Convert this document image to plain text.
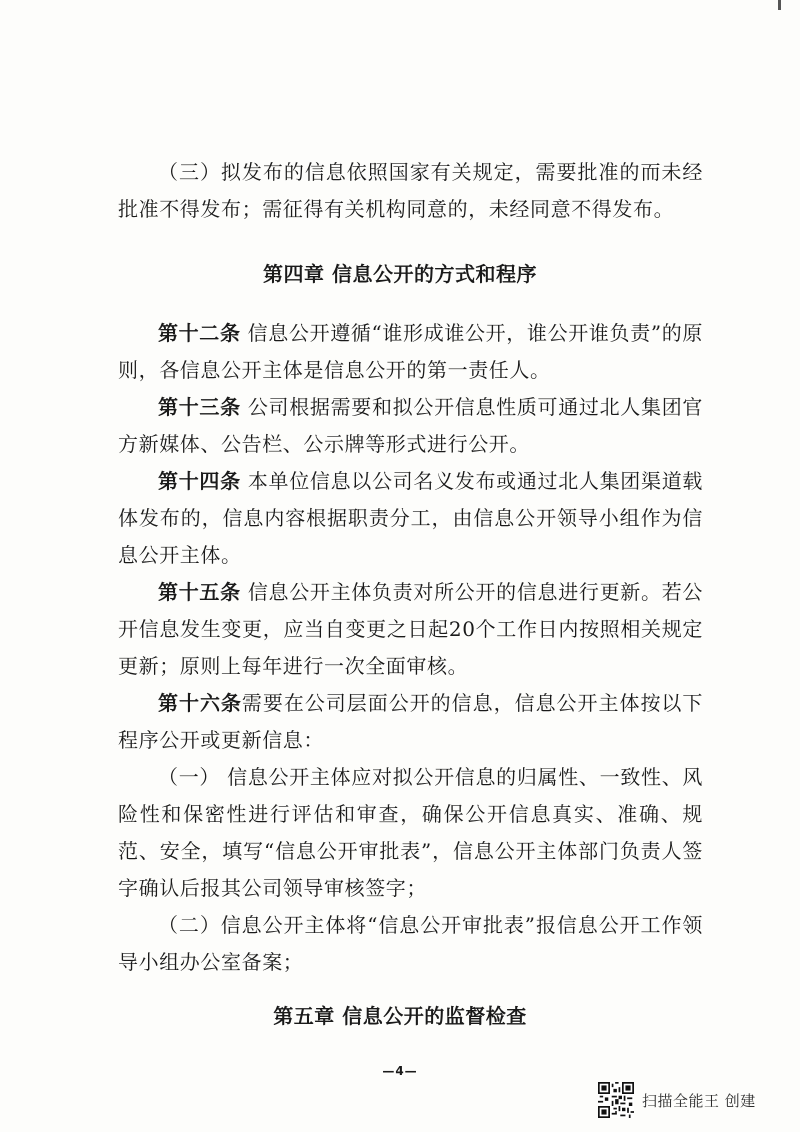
（三）拟发布的信息依照国家有关规定，需要批准的而未经批准不得发布；需征得有关机构同意的，未经同意不得发布。

第四章 信息公开的方式和程序

第十二条 信息公开遵循“谁形成谁公开，谁公开谁负责”的原则，各信息公开主体是信息公开的第一责任人。

第十三条 公司根据需要和拟公开信息性质可通过北人集团官方新媒体、公告栏、公示牌等形式进行公开。

第十四条 本单位信息以公司名义发布或通过北人集团渠道载体发布的，信息内容根据职责分工，由信息公开领导小组作为信息公开主体。

第十五条 信息公开主体负责对所公开的信息进行更新。若公开信息发生变更，应当自变更之日起20个工作日内按照相关规定更新；原则上每年进行一次全面审核。

第十六条需要在公司层面公开的信息，信息公开主体按以下程序公开或更新信息：

（一） 信息公开主体应对拟公开信息的归属性、一致性、风险性和保密性进行评估和审查，确保公开信息真实、准确、规范、安全，填写“信息公开审批表”，信息公开主体部门负责人签字确认后报其公司领导审核签字；

（二）信息公开主体将“信息公开审批表”报信息公开工作领导小组办公室备案；

第五章 信息公开的监督检查
—4—
扫描全能王 创建
